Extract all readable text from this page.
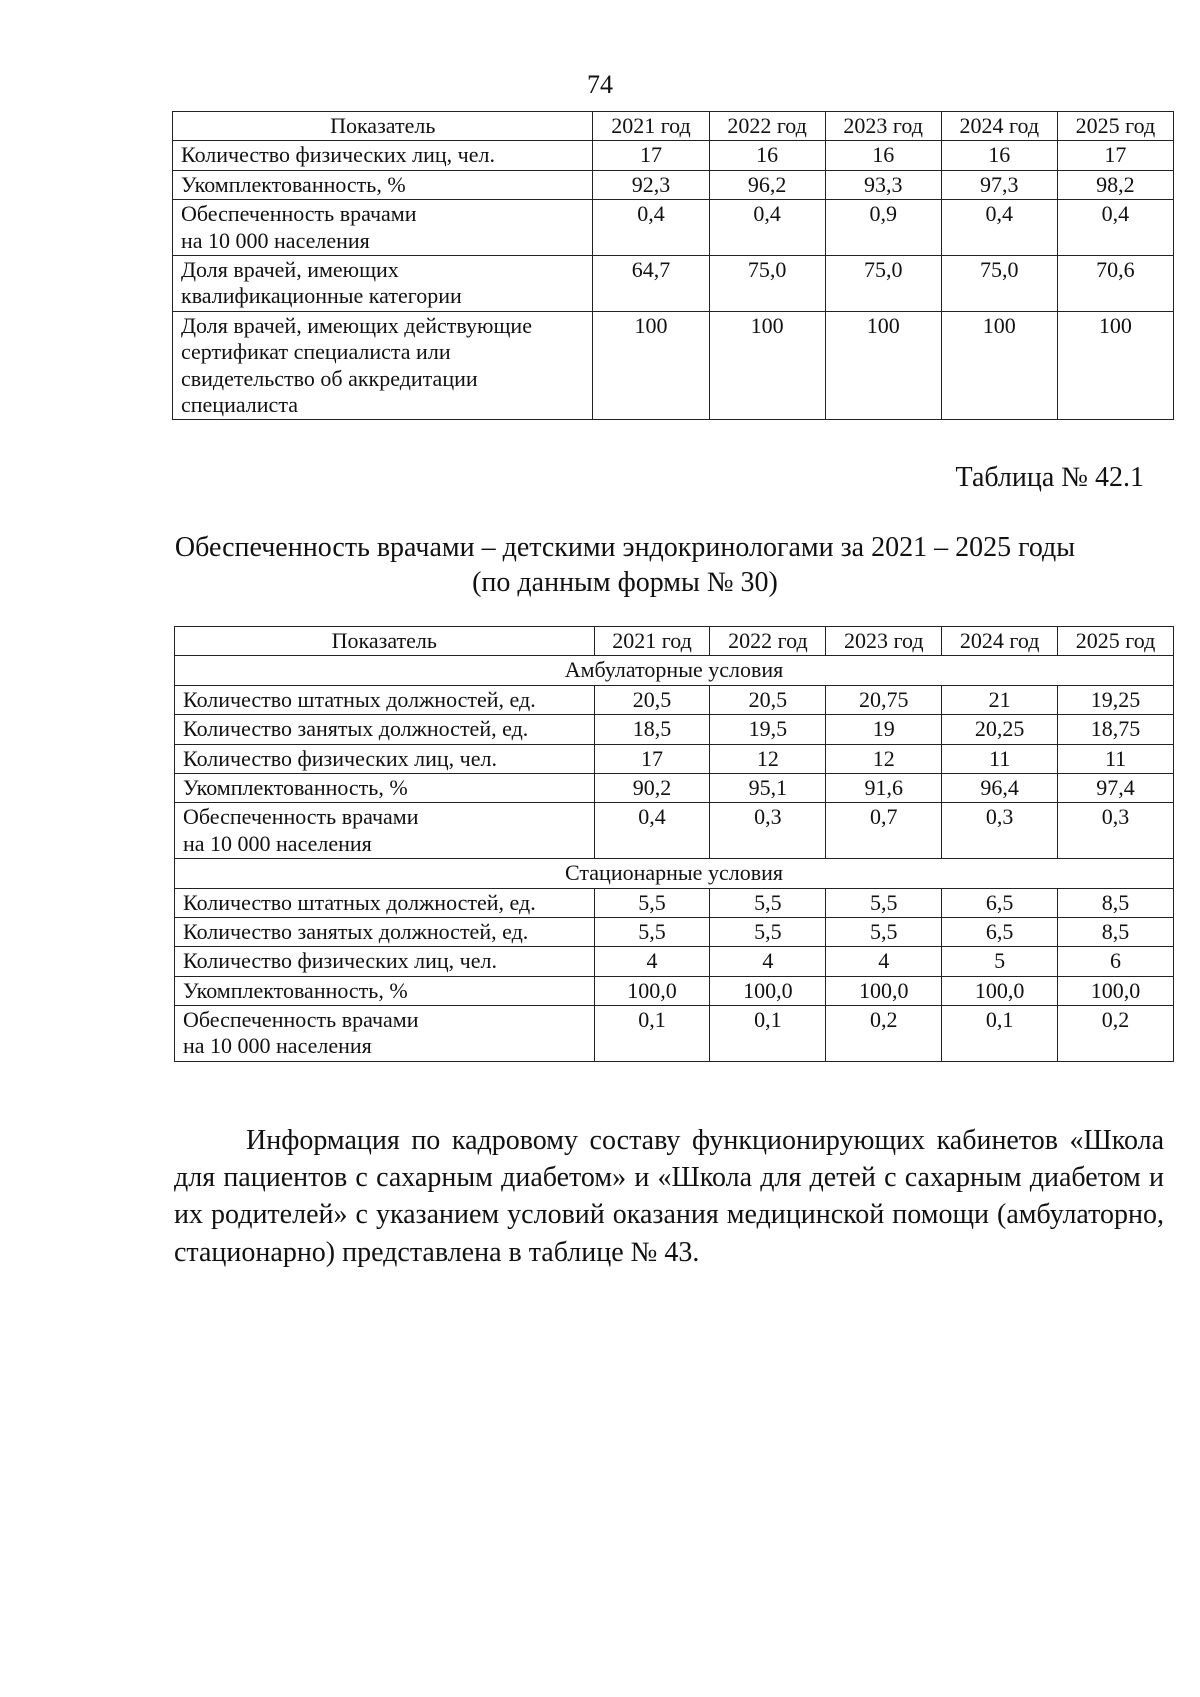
74
Показатель	2021 год	2022 год	2023 год	2024 год	2025 год
Количество физических лиц, чел.	17	16	16	16	17
Укомплектованность, %	92,3	96,2	93,3	97,3	98,2
Обеспеченность врачами
на 10 000 населения	0,4	0,4	0,9	0,4	0,4
Доля врачей, имеющих
квалификационные категории	64,7	75,0	75,0	75,0	70,6
Доля врачей, имеющих действующие
сертификат специалиста или
свидетельство об аккредитации
специалиста	100	100	100	100	100
Таблица № 42.1
Обеспеченность врачами – детскими эндокринологами за 2021 – 2025 годы
(по данным формы № 30)
Показатель	2021 год	2022 год	2023 год	2024 год	2025 год
Амбулаторные условия					
Количество штатных должностей, ед.	20,5	20,5	20,75	21	19,25
Количество занятых должностей, ед.	18,5	19,5	19	20,25	18,75
Количество физических лиц, чел.	17	12	12	11	11
Укомплектованность, %	90,2	95,1	91,6	96,4	97,4
Обеспеченность врачами
на 10 000 населения	0,4	0,3	0,7	0,3	0,3
Стационарные условия					
Количество штатных должностей, ед.	5,5	5,5	5,5	6,5	8,5
Количество занятых должностей, ед.	5,5	5,5	5,5	6,5	8,5
Количество физических лиц, чел.	4	4	4	5	6
Укомплектованность, %	100,0	100,0	100,0	100,0	100,0
Обеспеченность врачами
на 10 000 населения	0,1	0,1	0,2	0,1	0,2

Информация по кадровому составу функционирующих кабинетов «Школа для пациентов с сахарным диабетом» и «Школа для детей с сахарным диабетом и их родителей» с указанием условий оказания медицинской помощи (амбулаторно, стационарно) представлена в таблице № 43.
